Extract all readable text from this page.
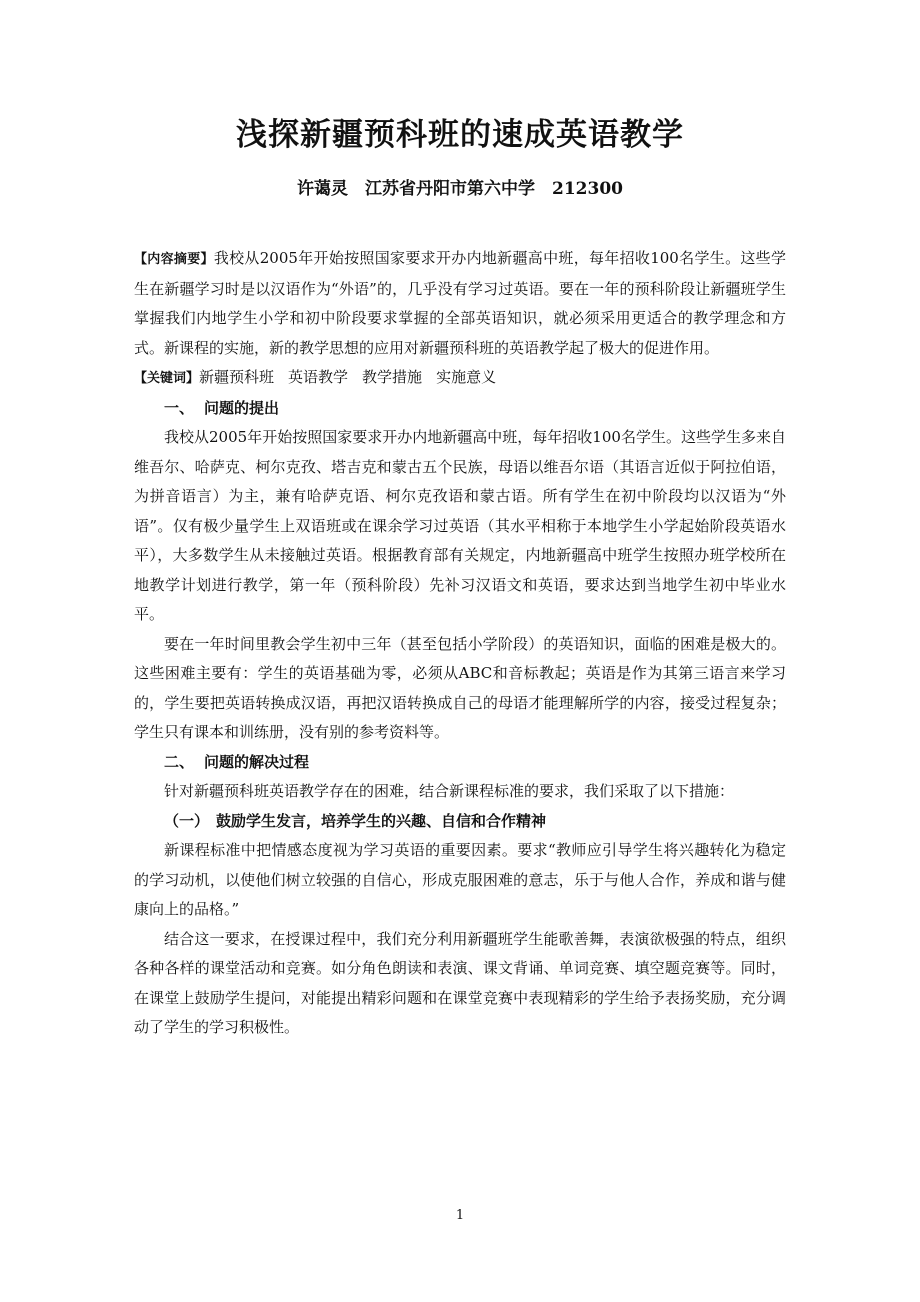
浅探新疆预科班的速成英语教学
许蔼灵　江苏省丹阳市第六中学　212300
【内容摘要】我校从2005年开始按照国家要求开办内地新疆高中班，每年招收100名学生。这些学生在新疆学习时是以汉语作为“外语”的，几乎没有学习过英语。要在一年的预科阶段让新疆班学生掌握我们内地学生小学和初中阶段要求掌握的全部英语知识，就必须采用更适合的教学理念和方式。新课程的实施，新的教学思想的应用对新疆预科班的英语教学起了极大的促进作用。
【关键词】新疆预科班 英语教学 教学措施 实施意义
一、 问题的提出

我校从2005年开始按照国家要求开办内地新疆高中班，每年招收100名学生。这些学生多来自维吾尔、哈萨克、柯尔克孜、塔吉克和蒙古五个民族，母语以维吾尔语（其语言近似于阿拉伯语，为拼音语言）为主，兼有哈萨克语、柯尔克孜语和蒙古语。所有学生在初中阶段均以汉语为“外语”。仅有极少量学生上双语班或在课余学习过英语（其水平相称于本地学生小学起始阶段英语水平），大多数学生从未接触过英语。根据教育部有关规定，内地新疆高中班学生按照办班学校所在地教学计划进行教学，第一年（预科阶段）先补习汉语文和英语，要求达到当地学生初中毕业水平。

要在一年时间里教会学生初中三年（甚至包括小学阶段）的英语知识，面临的困难是极大的。这些困难主要有：学生的英语基础为零，必须从ABC和音标教起；英语是作为其第三语言来学习的，学生要把英语转换成汉语，再把汉语转换成自己的母语才能理解所学的内容，接受过程复杂；学生只有课本和训练册，没有别的参考资料等。

二、 问题的解决过程

针对新疆预科班英语教学存在的困难，结合新课程标准的要求，我们采取了以下措施：

（一） 鼓励学生发言，培养学生的兴趣、自信和合作精神

新课程标准中把情感态度视为学习英语的重要因素。要求“教师应引导学生将兴趣转化为稳定的学习动机，以使他们树立较强的自信心，形成克服困难的意志，乐于与他人合作，养成和谐与健康向上的品格。”

结合这一要求，在授课过程中，我们充分利用新疆班学生能歌善舞，表演欲极强的特点，组织各种各样的课堂活动和竞赛。如分角色朗读和表演、课文背诵、单词竞赛、填空题竞赛等。同时，在课堂上鼓励学生提问，对能提出精彩问题和在课堂竞赛中表现精彩的学生给予表扬奖励，充分调动了学生的学习积极性。

1
